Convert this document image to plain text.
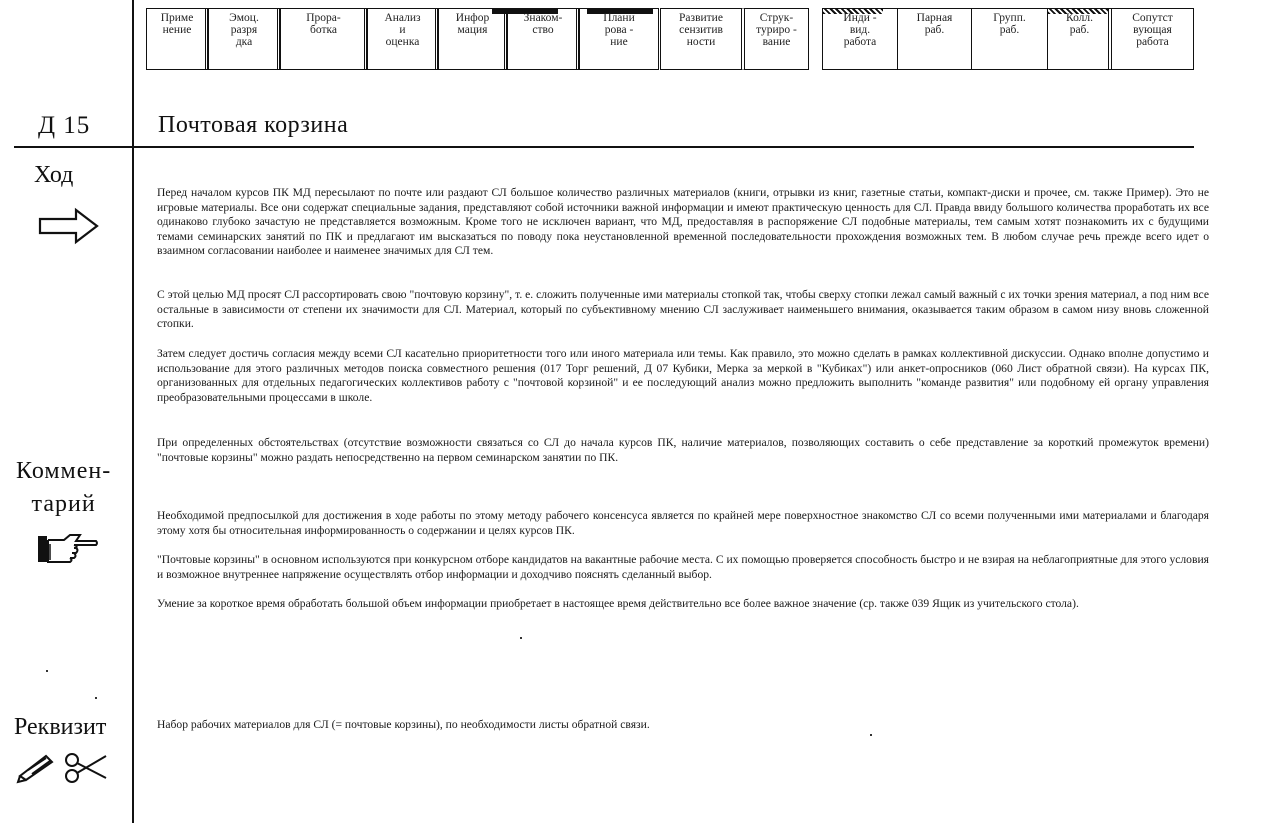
Приме
нение
Эмоц.
разря
дка
Прора-
ботка
Анализ
и
оценка
Инфор
мация
Знаком-
ство
Плани
рова -
ние
Развитие
сензитив
ности
Струк-
туриро -
вание
Инди -
вид.
работа
Парная
раб.
Групп.
раб.
Колл.
раб.
Сопутст
вующая
работа
Д 15	Почтовая корзина
Ход
Перед началом курсов ПК МД пересылают по почте или раздают СЛ большое количество различных материалов (книги, отрывки из книг, газетные статьи, компакт-диски и прочее, см. также Пример). Это не игровые материалы. Все они содержат специальные задания, представляют собой источники важной информации и имеют практическую ценность для СЛ. Правда ввиду большого количества проработать их все одинаково глубоко зачастую не представляется возможным. Кроме того не исключен вариант, что МД, предоставляя в распоряжение СЛ подобные материалы, тем самым хотят познакомить их с будущими темами семинарских занятий по ПК и предлагают им высказаться по поводу пока неустановленной временной последовательности прохождения возможных тем. В любом случае речь прежде всего идет о взаимном согласовании наиболее и наименее значимых для СЛ тем.
С этой целью МД просят СЛ рассортировать свою "почтовую корзину", т. е. сложить полученные ими материалы стопкой так, чтобы сверху стопки лежал самый важный с их точки зрения материал, а под ним все остальные в зависимости от степени их значимости для СЛ. Материал, который по субъективному мнению СЛ заслуживает наименьшего внимания, оказывается таким образом в самом низу вновь сложенной стопки.
Затем следует достичь согласия между всеми СЛ касательно приоритетности того или иного материала или темы. Как правило, это можно сделать в рамках коллективной дискуссии. Однако вполне допустимо и использование для этого различных методов поиска совместного решения (017 Торг решений, Д 07 Кубики, Мерка за меркой в "Кубиках") или анкет-опросников (060 Лист обратной связи). На курсах ПК, организованных для отдельных педагогических коллективов работу с "почтовой корзиной" и ее последующий анализ можно предложить выполнить "команде развития" или подобному ей органу управления преобразовательными процессами в школе.
При определенных обстоятельствах (отсутствие возможности связаться со СЛ до начала курсов ПК, наличие материалов, позволяющих составить о себе представление за короткий промежуток времени) "почтовые корзины" можно раздать непосредственно на первом семинарском занятии по ПК.
Коммен-
тарий	Необходимой предпосылкой для достижения в ходе работы по этому методу рабочего консенсуса является по крайней мере поверхностное знакомство СЛ со всеми полученными ими материалами и благодаря этому хотя бы относительная информированность о содержании и целях курсов ПК.
"Почтовые корзины" в основном используются при конкурсном отборе кандидатов на вакантные рабочие места. С их помощью проверяется способность быстро и не взирая на неблагоприятные для этого условия и возможное внутреннее напряжение осуществлять отбор информации и доходчиво пояснять сделанный выбор.
Умение за короткое время обработать большой объем информации приобретает в настоящее время действительно все более важное значение (ср. также 039 Ящик из учительского стола).
Реквизит	Набор рабочих материалов для СЛ (= почтовые корзины), по необходимости листы обратной связи.
